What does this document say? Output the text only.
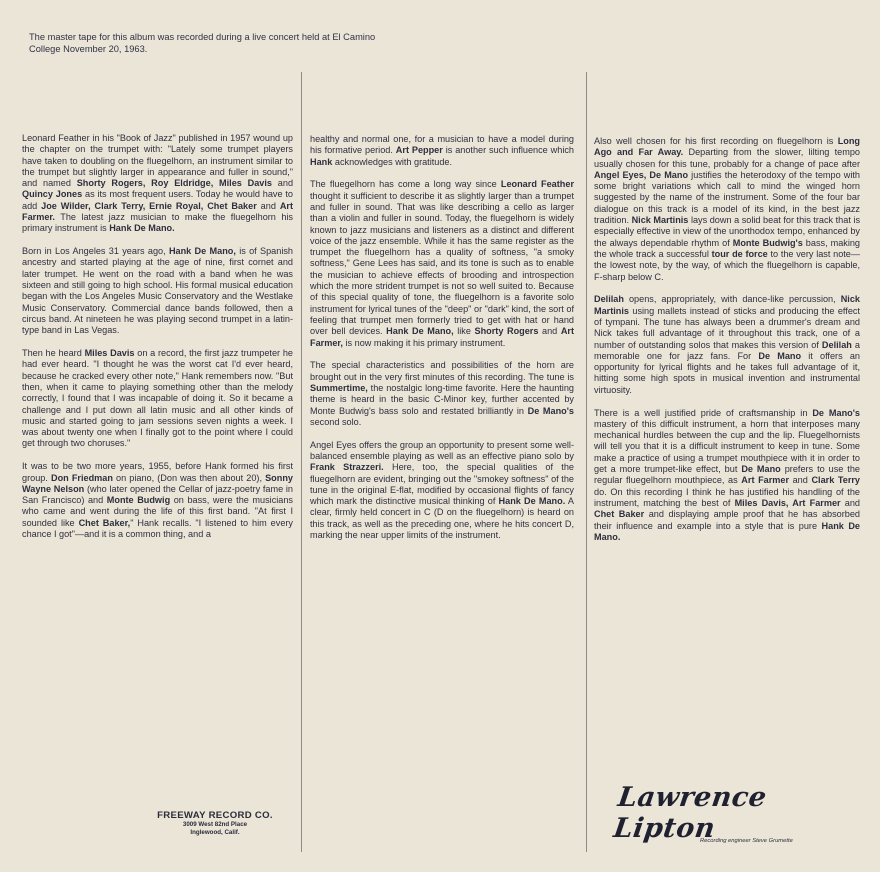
The master tape for this album was recorded during a live concert held at El Camino College November 20, 1963.

Leonard Feather in his "Book of Jazz" published in 1957 wound up the chapter on the trumpet with: "Lately some trumpet players have taken to doubling on the fluegelhorn, an instrument similar to the trumpet but slightly larger in appearance and fuller in sound," and named Shorty Rogers, Roy Eldridge, Miles Davis and Quincy Jones as its most frequent users. Today he would have to add Joe Wilder, Clark Terry, Ernie Royal, Chet Baker and Art Farmer. The latest jazz musician to make the fluegelhorn his primary instrument is Hank De Mano.

Born in Los Angeles 31 years ago, Hank De Mano, is of Spanish ancestry and started playing at the age of nine, first cornet and later trumpet. He went on the road with a band when he was sixteen and still going to high school. His formal musical education began with the Los Angeles Music Conservatory and the Westlake Music Conservatory. Commercial dance bands followed, then a circus band. At nineteen he was playing second trumpet in a latin-type band in Las Vegas.

Then he heard Miles Davis on a record, the first jazz trumpeter he had ever heard. "I thought he was the worst cat I'd ever heard, because he cracked every other note," Hank remembers now. "But then, when it came to playing something other than the melody correctly, I found that I was incapable of doing it. So it became a challenge and I put down all latin music and all other kinds of music and started going to jam sessions seven nights a week. I was about twenty one when I finally got to the point where I could get through two choruses."

It was to be two more years, 1955, before Hank formed his first group. Don Friedman on piano, (Don was then about 20), Sonny Wayne Nelson (who later opened the Cellar of jazz-poetry fame in San Francisco) and Monte Budwig on bass, were the musicians who came and went during the life of this first band. "At first I sounded like Chet Baker," Hank recalls. "I listened to him every chance I got"—and it is a common thing, and a

healthy and normal one, for a musician to have a model during his formative period. Art Pepper is another such influence which Hank acknowledges with gratitude.

The fluegelhorn has come a long way since Leonard Feather thought it sufficient to describe it as slightly larger than a trumpet and fuller in sound. That was like describing a cello as larger than a violin and fuller in sound. Today, the fluegelhorn is widely known to jazz musicians and listeners as a distinct and different voice of the jazz ensemble. While it has the same register as the trumpet the fluegelhorn has a quality of softness, "a smoky softness," Gene Lees has said, and its tone is such as to enable the musician to achieve effects of brooding and introspection which the more strident trumpet is not so well suited to. Because of this special quality of tone, the fluegelhorn is a favorite solo instrument for lyrical tunes of the "deep" or "dark" kind, the sort of feeling that trumpet men formerly tried to get with hat or hand over bell devices. Hank De Mano, like Shorty Rogers and Art Farmer, is now making it his primary instrument.

The special characteristics and possibilities of the horn are brought out in the very first minutes of this recording. The tune is Summertime, the nostalgic long-time favorite. Here the haunting theme is heard in the basic C-Minor key, further accented by Monte Budwig's bass solo and restated brilliantly in De Mano's second solo.

Angel Eyes offers the group an opportunity to present some well-balanced ensemble playing as well as an effective piano solo by Frank Strazzeri. Here, too, the special qualities of the fluegelhorn are evident, bringing out the "smokey softness" of the tune in the original E-flat, modified by occasional flights of fancy which mark the distinctive musical thinking of Hank De Mano. A clear, firmly held concert in C (D on the fluegelhorn) is heard on this track, as well as the preceding one, where he hits concert D, marking the near upper limits of the instrument.

Also well chosen for his first recording on fluegelhorn is Long Ago and Far Away. Departing from the slower, lilting tempo usually chosen for this tune, probably for a change of pace after Angel Eyes, De Mano justifies the heterodoxy of the tempo with some bright variations which call to mind the winged horn suggested by the name of the instrument. Some of the four bar dialogue on this track is a model of its kind, in the best jazz tradition. Nick Martinis lays down a solid beat for this track that is especially effective in view of the unorthodox tempo, enhanced by the always dependable rhythm of Monte Budwig's bass, making the whole track a successful tour de force to the very last note—the lowest note, by the way, of which the fluegelhorn is capable, F-sharp below C.

Delilah opens, appropriately, with dance-like percussion, Nick Martinis using mallets instead of sticks and producing the effect of tympani. The tune has always been a drummer's dream and Nick takes full advantage of it throughout this track, one of a number of outstanding solos that makes this version of Delilah a memorable one for jazz fans. For De Mano it offers an opportunity for lyrical flights and he takes full advantage of it, hitting some high spots in musical invention and instrumental virtuosity.

There is a well justified pride of craftsmanship in De Mano's mastery of this difficult instrument, a horn that interposes many mechanical hurdles between the cup and the lip. Fluegelhornists will tell you that it is a difficult instrument to keep in tune. Some make a practice of using a trumpet mouthpiece with it in order to get a more trumpet-like effect, but De Mano prefers to use the regular fluegelhorn mouthpiece, as Art Farmer and Clark Terry do. On this recording I think he has justified his handling of the instrument, matching the best of Miles Davis, Art Farmer and Chet Baker and displaying ample proof that he has absorbed their influence and example into a style that is pure Hank De Mano.

FREEWAY RECORD CO.
3009 West 82nd Place
Inglewood, Calif.
Lawrence Lipton
Recording engineer Steve Grumette
